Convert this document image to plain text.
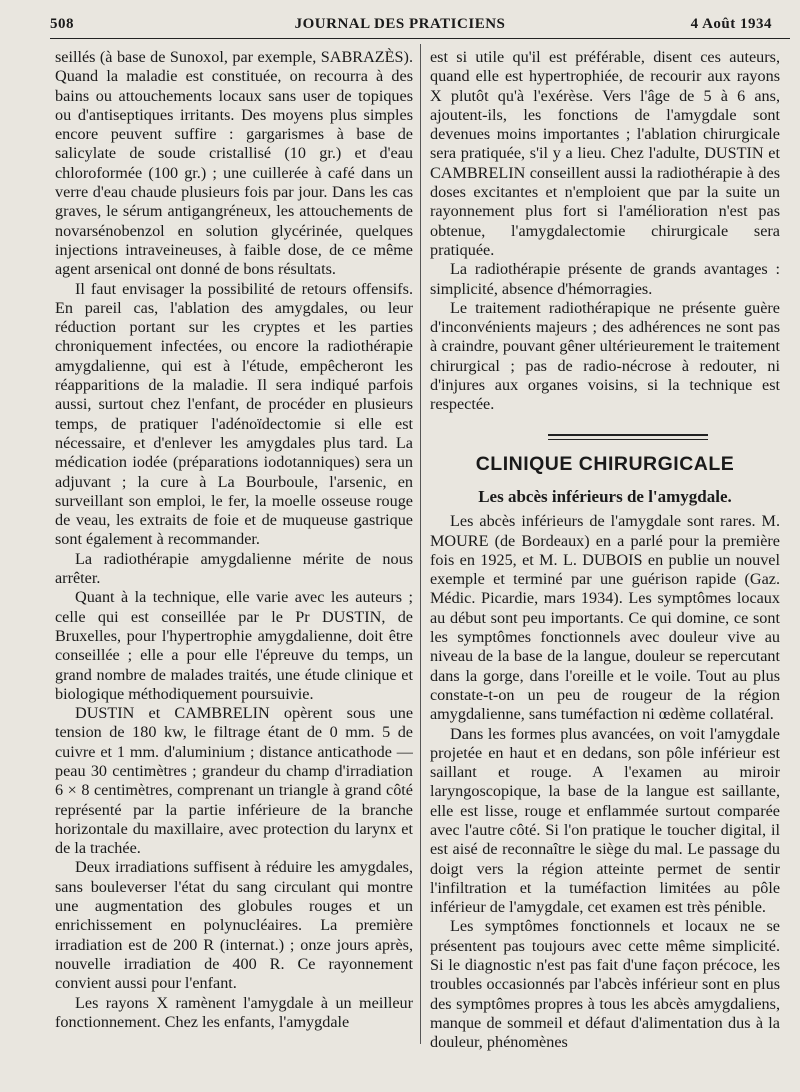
508	JOURNAL DES PRATICIENS	4 Août 1934

seillés (à base de Sunoxol, par exemple, SABRAZÈS). Quand la maladie est constituée, on recourra à des bains ou attouchements locaux sans user de topiques ou d'antiseptiques irritants. Des moyens plus simples encore peuvent suffire : gargarismes à base de salicylate de soude cristallisé (10 gr.) et d'eau chloroformée (100 gr.) ; une cuillerée à café dans un verre d'eau chaude plusieurs fois par jour. Dans les cas graves, le sérum antigangréneux, les attouchements de novarsénobenzol en solution glycérinée, quelques injections intraveineuses, à faible dose, de ce même agent arsenical ont donné de bons résultats.

Il faut envisager la possibilité de retours offensifs. En pareil cas, l'ablation des amygdales, ou leur réduction portant sur les cryptes et les parties chroniquement infectées, ou encore la radiothérapie amygdalienne, qui est à l'étude, empêcheront les réapparitions de la maladie. Il sera indiqué parfois aussi, surtout chez l'enfant, de procéder en plusieurs temps, de pratiquer l'adénoïdectomie si elle est nécessaire, et d'enlever les amygdales plus tard. La médication iodée (préparations iodotanniques) sera un adjuvant ; la cure à La Bourboule, l'arsenic, en surveillant son emploi, le fer, la moelle osseuse rouge de veau, les extraits de foie et de muqueuse gastrique sont également à recommander.

La radiothérapie amygdalienne mérite de nous arrêter.

Quant à la technique, elle varie avec les auteurs ; celle qui est conseillée par le Pr DUSTIN, de Bruxelles, pour l'hypertrophie amygdalienne, doit être conseillée ; elle a pour elle l'épreuve du temps, un grand nombre de malades traités, une étude clinique et biologique méthodiquement poursuivie.

DUSTIN et CAMBRELIN opèrent sous une tension de 180 kw, le filtrage étant de 0 mm. 5 de cuivre et 1 mm. d'aluminium ; distance anticathode — peau 30 centimètres ; grandeur du champ d'irradiation 6 × 8 centimètres, comprenant un triangle à grand côté représenté par la partie inférieure de la branche horizontale du maxillaire, avec protection du larynx et de la trachée.

Deux irradiations suffisent à réduire les amygdales, sans bouleverser l'état du sang circulant qui montre une augmentation des globules rouges et un enrichissement en polynucléaires. La première irradiation est de 200 R (internat.) ; onze jours après, nouvelle irradiation de 400 R. Ce rayonnement convient aussi pour l'enfant.

Les rayons X ramènent l'amygdale à un meilleur fonctionnement. Chez les enfants, l'amygdale

est si utile qu'il est préférable, disent ces auteurs, quand elle est hypertrophiée, de recourir aux rayons X plutôt qu'à l'exérèse. Vers l'âge de 5 à 6 ans, ajoutent-ils, les fonctions de l'amygdale sont devenues moins importantes ; l'ablation chirurgicale sera pratiquée, s'il y a lieu. Chez l'adulte, DUSTIN et CAMBRELIN conseillent aussi la radiothérapie à des doses excitantes et n'emploient que par la suite un rayonnement plus fort si l'amélioration n'est pas obtenue, l'amygdalectomie chirurgicale sera pratiquée.

La radiothérapie présente de grands avantages : simplicité, absence d'hémorragies.

Le traitement radiothérapique ne présente guère d'inconvénients majeurs ; des adhérences ne sont pas à craindre, pouvant gêner ultérieurement le traitement chirurgical ; pas de radio-nécrose à redouter, ni d'injures aux organes voisins, si la technique est respectée.

CLINIQUE CHIRURGICALE
Les abcès inférieurs de l'amygdale.

Les abcès inférieurs de l'amygdale sont rares. M. MOURE (de Bordeaux) en a parlé pour la première fois en 1925, et M. L. DUBOIS en publie un nouvel exemple et terminé par une guérison rapide (Gaz. Médic. Picardie, mars 1934). Les symptômes locaux au début sont peu importants. Ce qui domine, ce sont les symptômes fonctionnels avec douleur vive au niveau de la base de la langue, douleur se repercutant dans la gorge, dans l'oreille et le voile. Tout au plus constate-t-on un peu de rougeur de la région amygdalienne, sans tuméfaction ni œdème collatéral.

Dans les formes plus avancées, on voit l'amygdale projetée en haut et en dedans, son pôle inférieur est saillant et rouge. A l'examen au miroir laryngoscopique, la base de la langue est saillante, elle est lisse, rouge et enflammée surtout comparée avec l'autre côté. Si l'on pratique le toucher digital, il est aisé de reconnaître le siège du mal. Le passage du doigt vers la région atteinte permet de sentir l'infiltration et la tuméfaction limitées au pôle inférieur de l'amygdale, cet examen est très pénible.

Les symptômes fonctionnels et locaux ne se présentent pas toujours avec cette même simplicité. Si le diagnostic n'est pas fait d'une façon précoce, les troubles occasionnés par l'abcès inférieur sont en plus des symptômes propres à tous les abcès amygdaliens, manque de sommeil et défaut d'alimentation dus à la douleur, phénomènes
